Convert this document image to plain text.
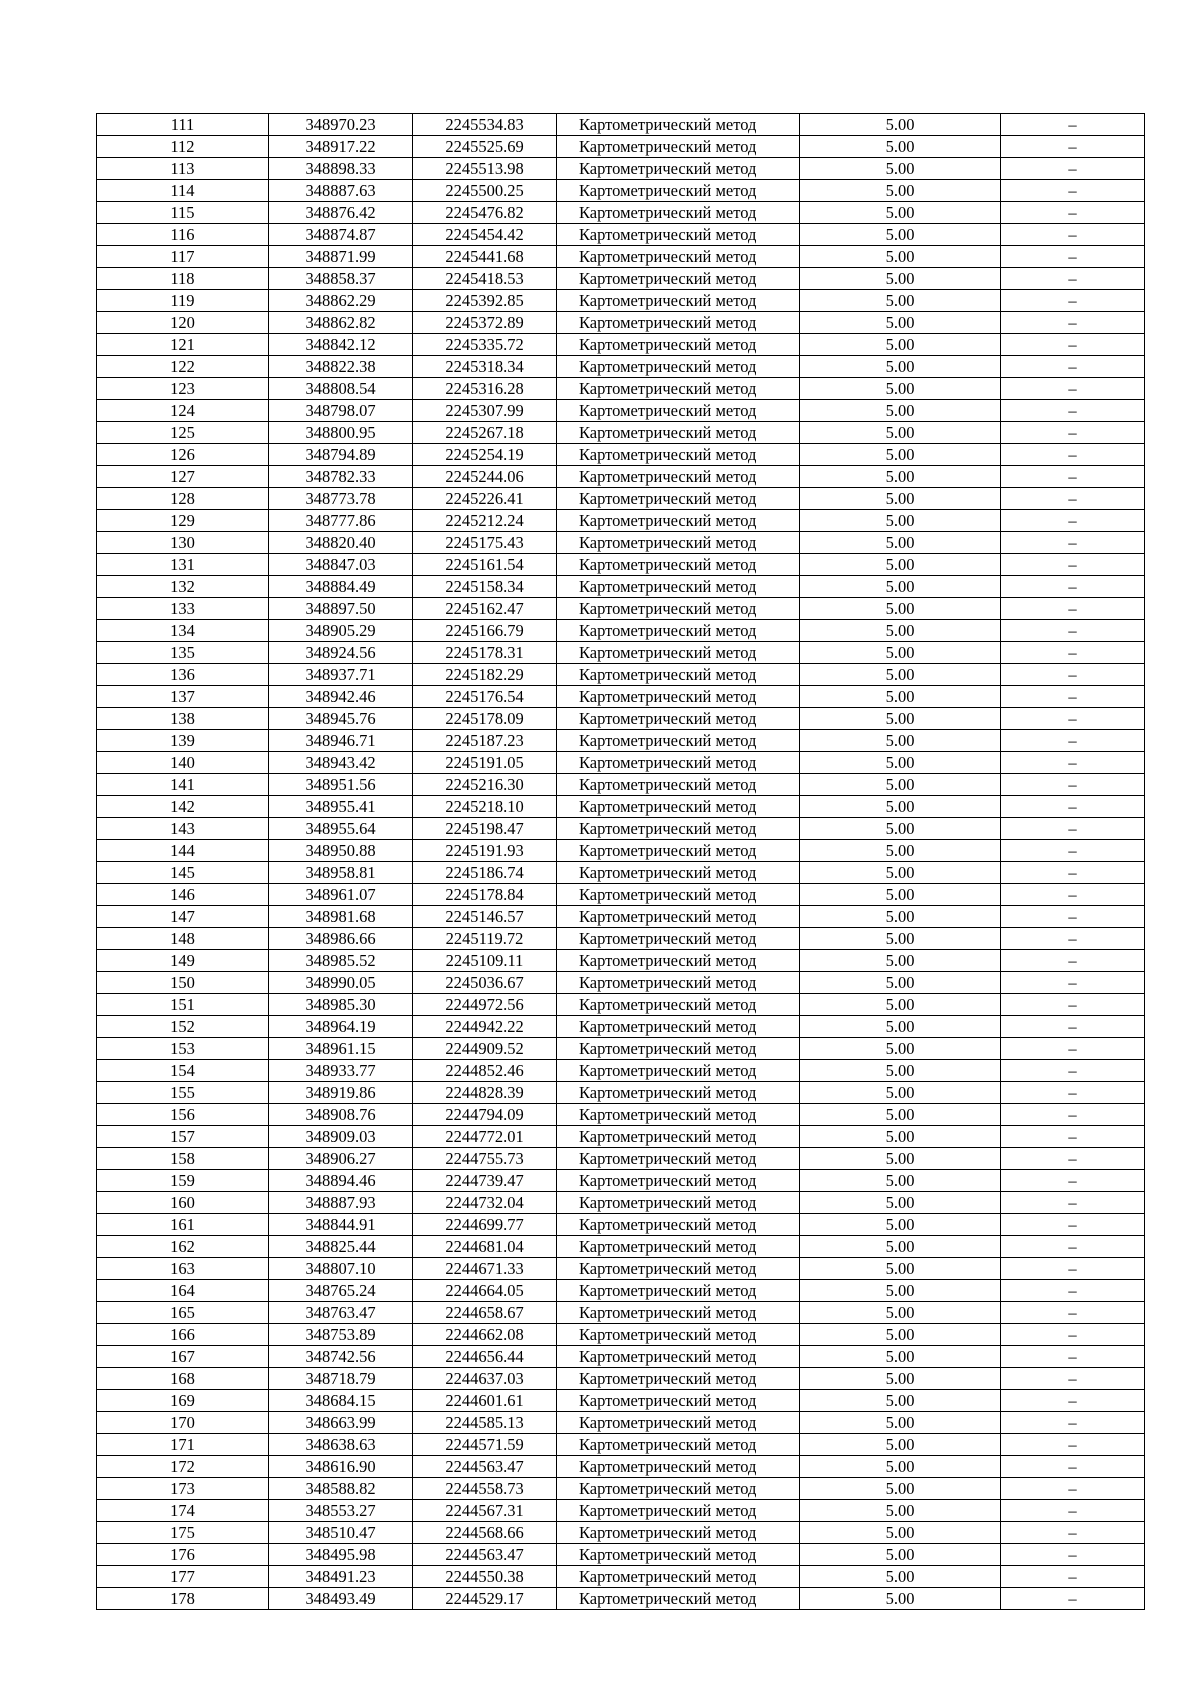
111	348970.23	2245534.83	Картометрический метод	5.00	–
112	348917.22	2245525.69	Картометрический метод	5.00	–
113	348898.33	2245513.98	Картометрический метод	5.00	–
114	348887.63	2245500.25	Картометрический метод	5.00	–
115	348876.42	2245476.82	Картометрический метод	5.00	–
116	348874.87	2245454.42	Картометрический метод	5.00	–
117	348871.99	2245441.68	Картометрический метод	5.00	–
118	348858.37	2245418.53	Картометрический метод	5.00	–
119	348862.29	2245392.85	Картометрический метод	5.00	–
120	348862.82	2245372.89	Картометрический метод	5.00	–
121	348842.12	2245335.72	Картометрический метод	5.00	–
122	348822.38	2245318.34	Картометрический метод	5.00	–
123	348808.54	2245316.28	Картометрический метод	5.00	–
124	348798.07	2245307.99	Картометрический метод	5.00	–
125	348800.95	2245267.18	Картометрический метод	5.00	–
126	348794.89	2245254.19	Картометрический метод	5.00	–
127	348782.33	2245244.06	Картометрический метод	5.00	–
128	348773.78	2245226.41	Картометрический метод	5.00	–
129	348777.86	2245212.24	Картометрический метод	5.00	–
130	348820.40	2245175.43	Картометрический метод	5.00	–
131	348847.03	2245161.54	Картометрический метод	5.00	–
132	348884.49	2245158.34	Картометрический метод	5.00	–
133	348897.50	2245162.47	Картометрический метод	5.00	–
134	348905.29	2245166.79	Картометрический метод	5.00	–
135	348924.56	2245178.31	Картометрический метод	5.00	–
136	348937.71	2245182.29	Картометрический метод	5.00	–
137	348942.46	2245176.54	Картометрический метод	5.00	–
138	348945.76	2245178.09	Картометрический метод	5.00	–
139	348946.71	2245187.23	Картометрический метод	5.00	–
140	348943.42	2245191.05	Картометрический метод	5.00	–
141	348951.56	2245216.30	Картометрический метод	5.00	–
142	348955.41	2245218.10	Картометрический метод	5.00	–
143	348955.64	2245198.47	Картометрический метод	5.00	–
144	348950.88	2245191.93	Картометрический метод	5.00	–
145	348958.81	2245186.74	Картометрический метод	5.00	–
146	348961.07	2245178.84	Картометрический метод	5.00	–
147	348981.68	2245146.57	Картометрический метод	5.00	–
148	348986.66	2245119.72	Картометрический метод	5.00	–
149	348985.52	2245109.11	Картометрический метод	5.00	–
150	348990.05	2245036.67	Картометрический метод	5.00	–
151	348985.30	2244972.56	Картометрический метод	5.00	–
152	348964.19	2244942.22	Картометрический метод	5.00	–
153	348961.15	2244909.52	Картометрический метод	5.00	–
154	348933.77	2244852.46	Картометрический метод	5.00	–
155	348919.86	2244828.39	Картометрический метод	5.00	–
156	348908.76	2244794.09	Картометрический метод	5.00	–
157	348909.03	2244772.01	Картометрический метод	5.00	–
158	348906.27	2244755.73	Картометрический метод	5.00	–
159	348894.46	2244739.47	Картометрический метод	5.00	–
160	348887.93	2244732.04	Картометрический метод	5.00	–
161	348844.91	2244699.77	Картометрический метод	5.00	–
162	348825.44	2244681.04	Картометрический метод	5.00	–
163	348807.10	2244671.33	Картометрический метод	5.00	–
164	348765.24	2244664.05	Картометрический метод	5.00	–
165	348763.47	2244658.67	Картометрический метод	5.00	–
166	348753.89	2244662.08	Картометрический метод	5.00	–
167	348742.56	2244656.44	Картометрический метод	5.00	–
168	348718.79	2244637.03	Картометрический метод	5.00	–
169	348684.15	2244601.61	Картометрический метод	5.00	–
170	348663.99	2244585.13	Картометрический метод	5.00	–
171	348638.63	2244571.59	Картометрический метод	5.00	–
172	348616.90	2244563.47	Картометрический метод	5.00	–
173	348588.82	2244558.73	Картометрический метод	5.00	–
174	348553.27	2244567.31	Картометрический метод	5.00	–
175	348510.47	2244568.66	Картометрический метод	5.00	–
176	348495.98	2244563.47	Картометрический метод	5.00	–
177	348491.23	2244550.38	Картометрический метод	5.00	–
178	348493.49	2244529.17	Картометрический метод	5.00	–
